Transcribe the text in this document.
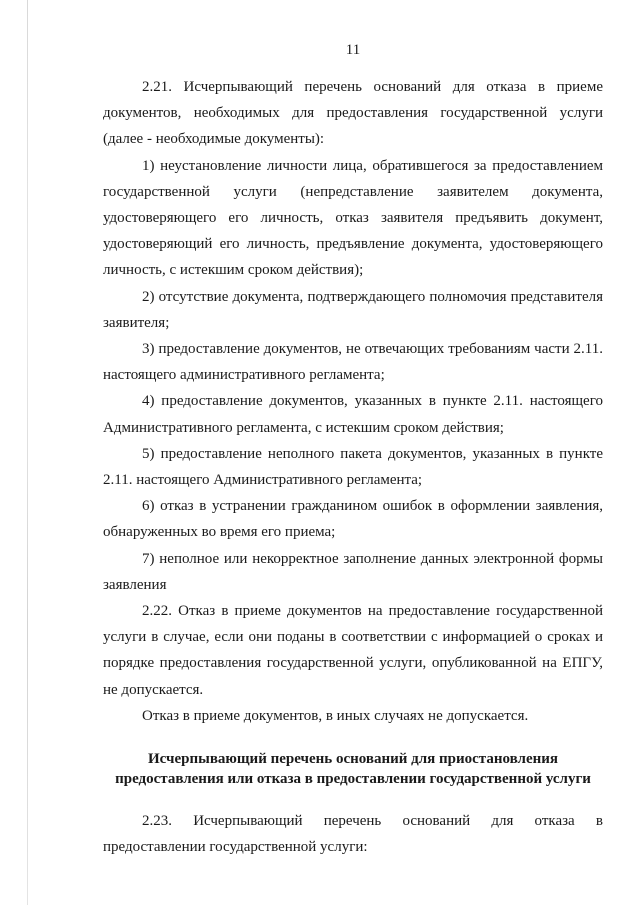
11

2.21. Исчерпывающий перечень оснований для отказа в приеме документов, необходимых для предоставления государственной услуги (далее - необходимые документы):

1) неустановление личности лица, обратившегося за предоставлением государственной услуги (непредставление заявителем документа, удостоверяющего его личность, отказ заявителя предъявить документ, удостоверяющий его личность, предъявление документа, удостоверяющего личность, с истекшим сроком действия);

2) отсутствие документа, подтверждающего полномочия представителя заявителя;

3) предоставление документов, не отвечающих требованиям части 2.11. настоящего административного регламента;

4) предоставление документов, указанных в пункте 2.11. настоящего Административного регламента, с истекшим сроком действия;

5) предоставление неполного пакета документов, указанных в пункте 2.11. настоящего Административного регламента;

6) отказ в устранении гражданином ошибок в оформлении заявления, обнаруженных во время его приема;

7) неполное или некорректное заполнение данных электронной формы заявления

2.22. Отказ в приеме документов на предоставление государственной услуги в случае, если они поданы в соответствии с информацией о сроках и порядке предоставления государственной услуги, опубликованной на ЕПГУ, не допускается.

Отказ в приеме документов, в иных случаях не допускается.

Исчерпывающий перечень оснований для приостановления предоставления или отказа в предоставлении государственной услуги

2.23. Исчерпывающий перечень оснований для отказа в предоставлении государственной услуги:
